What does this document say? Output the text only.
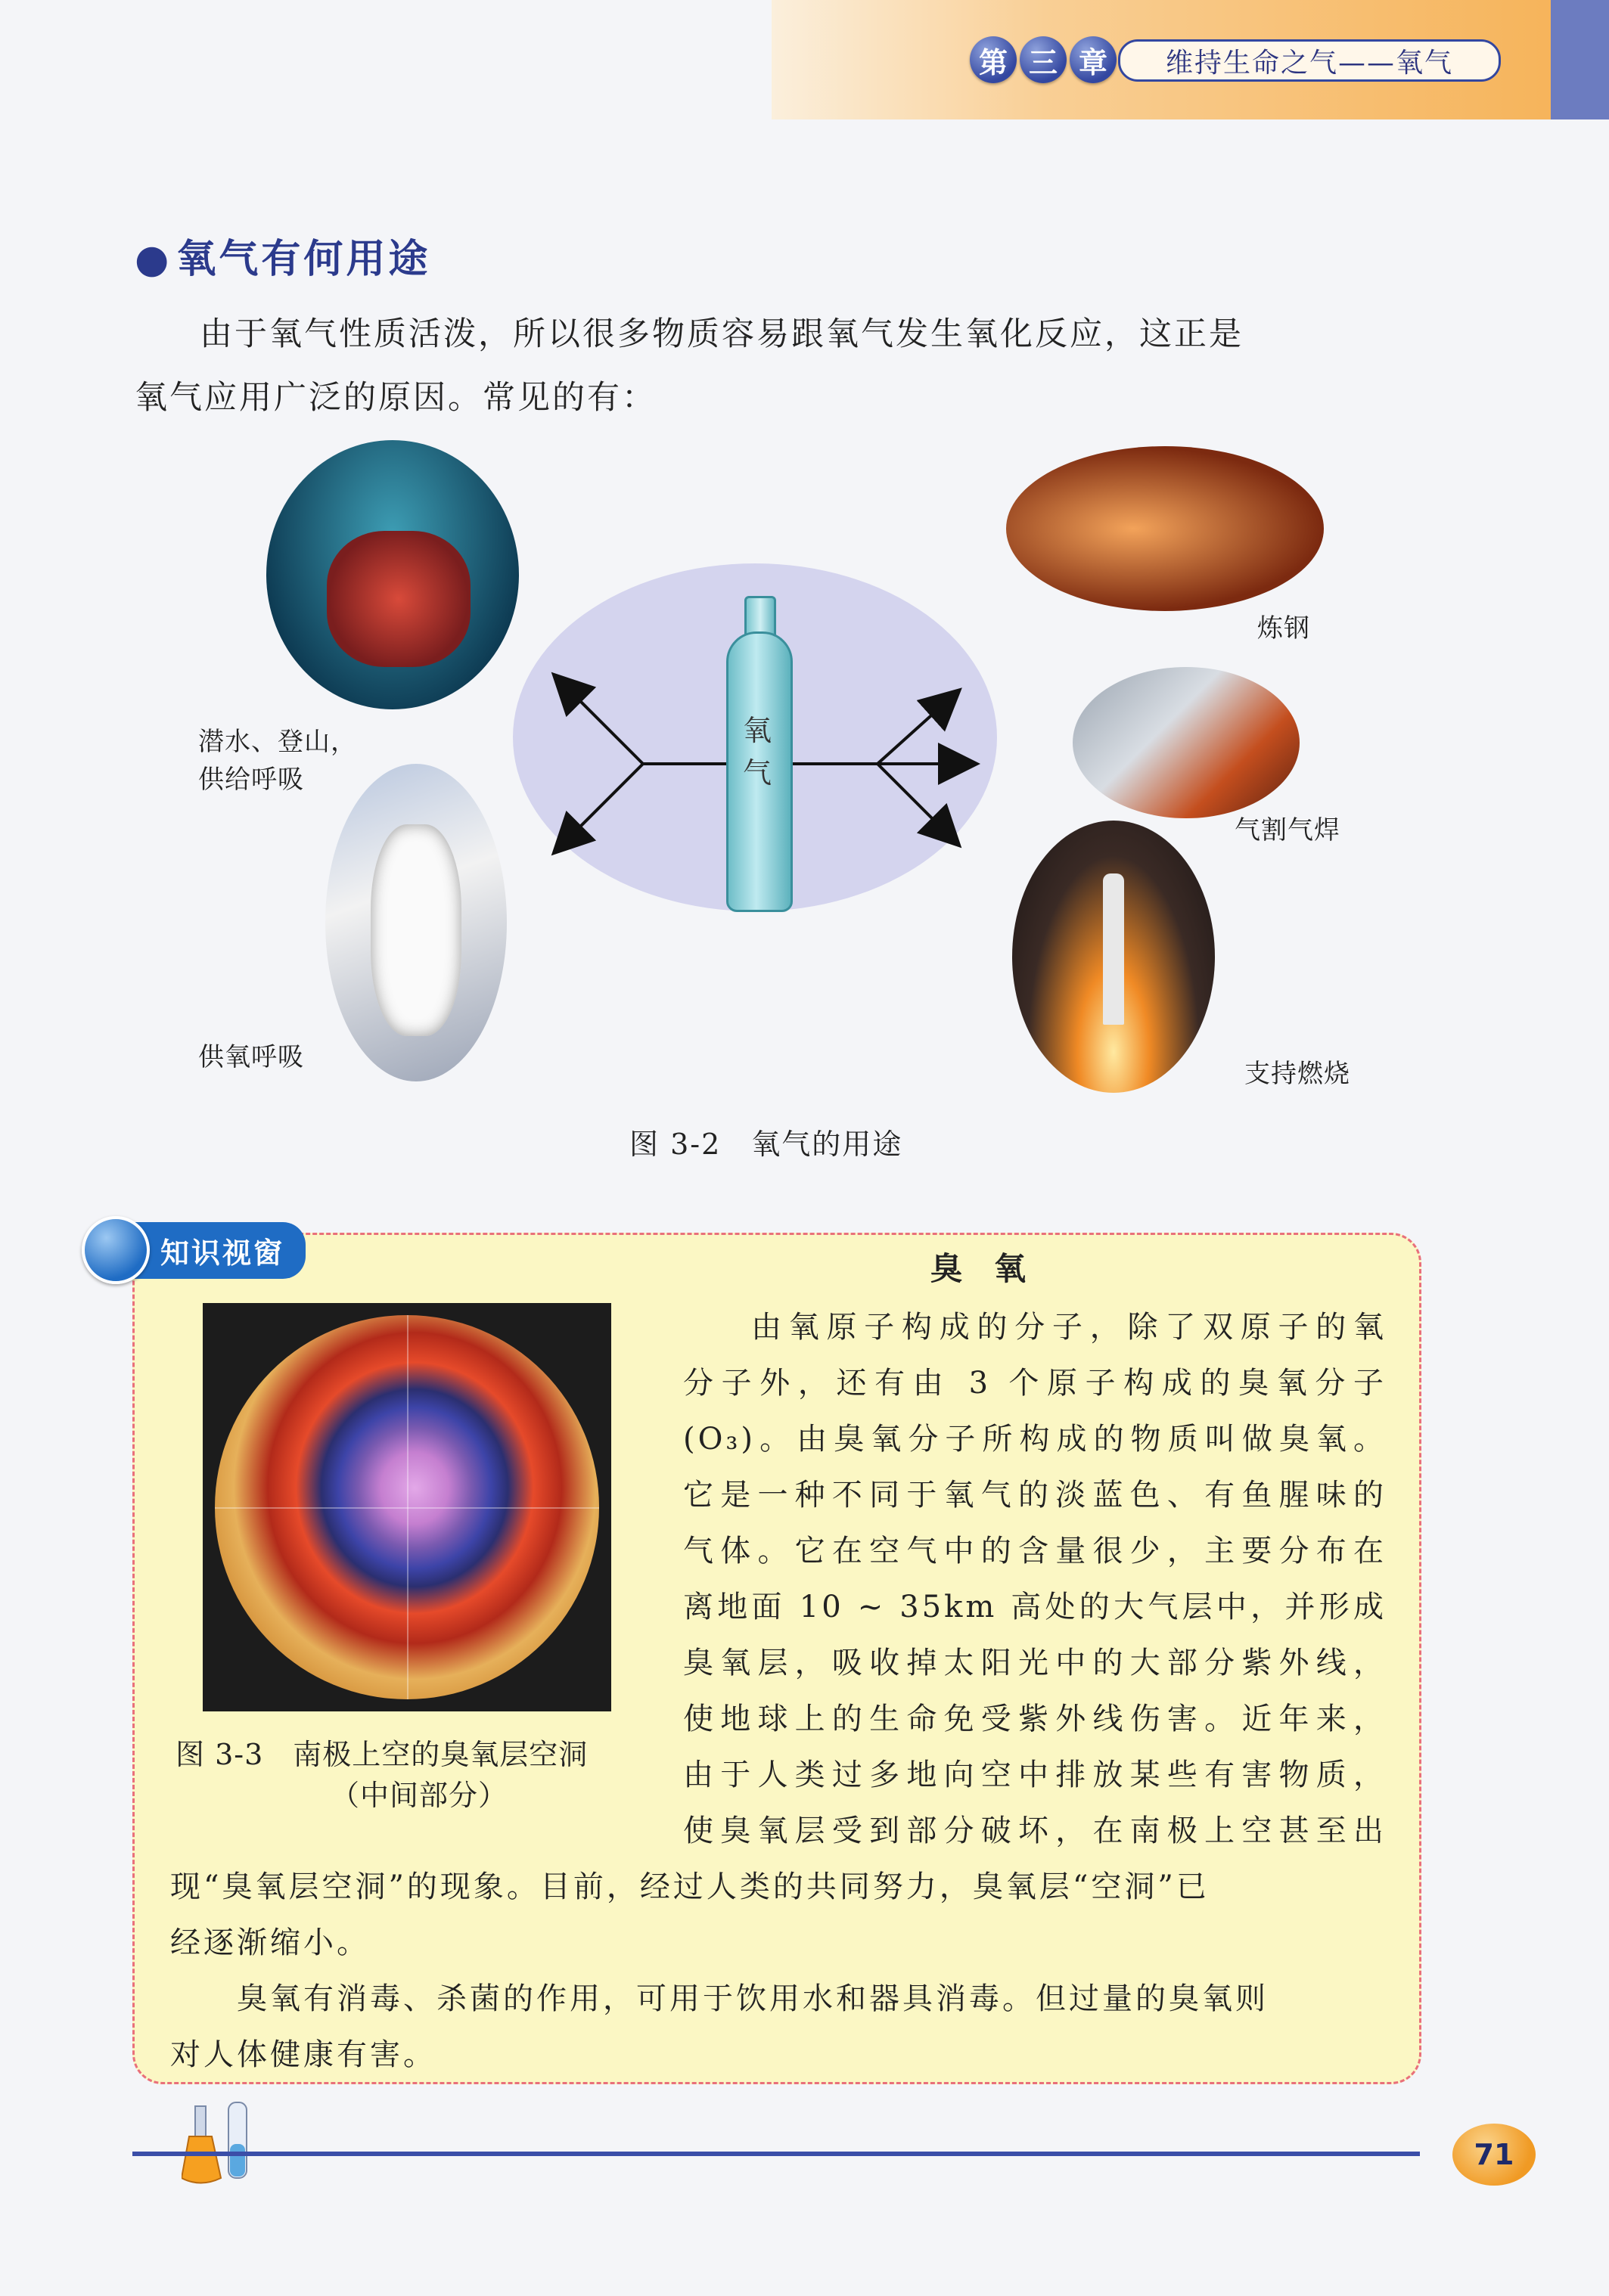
第 三 章	维持生命之气——氧气
● 氧气有何用途
由于氧气性质活泼，所以很多物质容易跟氧气发生氧化反应，这正是
氧气应用广泛的原因。常见的有：
氧气
潜水、登山，
供给呼吸
供氧呼吸
炼钢
气割气焊
支持燃烧
图 3-2　氧气的用途
知识视窗	臭氧
图 3-3　南极上空的臭氧层空洞
（中间部分）
由氧原子构成的分子，除了双原子的氧
分子外，还有由 3 个原子构成的臭氧分子
(O₃)。由臭氧分子所构成的物质叫做臭氧。
它是一种不同于氧气的淡蓝色、有鱼腥味的
气体。它在空气中的含量很少，主要分布在
离地面 10 ~ 35km 高处的大气层中，并形成
臭氧层，吸收掉太阳光中的大部分紫外线，
使地球上的生命免受紫外线伤害。近年来，
由于人类过多地向空中排放某些有害物质，
使臭氧层受到部分破坏，在南极上空甚至出
现“臭氧层空洞”的现象。目前，经过人类的共同努力，臭氧层“空洞”已
经逐渐缩小。
　　臭氧有消毒、杀菌的作用，可用于饮用水和器具消毒。但过量的臭氧则
对人体健康有害。
71
